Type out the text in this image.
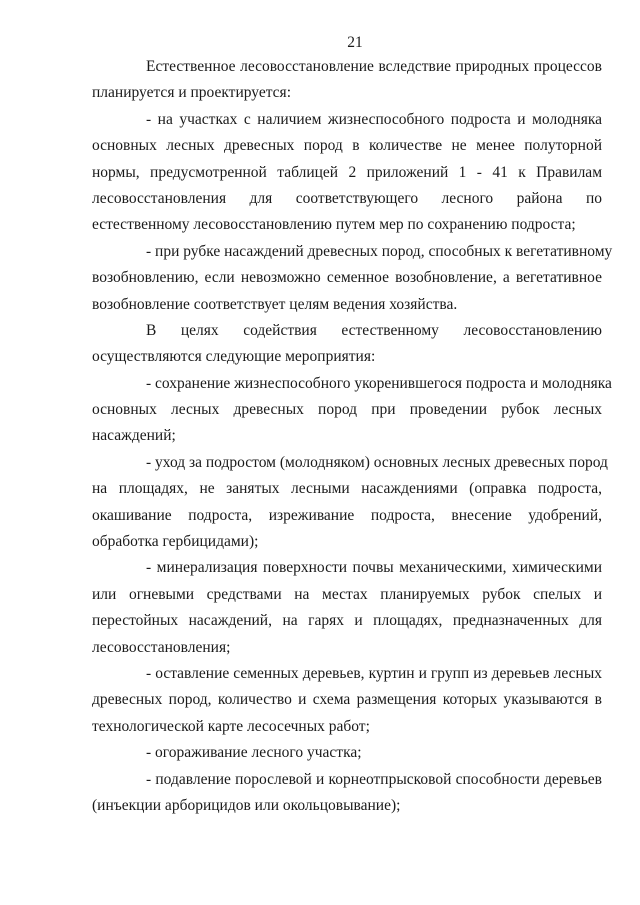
21
Естественное лесовосстановление вследствие природных процессов
планируется и проектируется:
- на участках с наличием жизнеспособного подроста и молодняка
основных лесных древесных пород в количестве не менее полуторной
нормы, предусмотренной таблицей 2 приложений 1 - 41 к Правилам
лесовосстановления для соответствующего лесного района по
естественному лесовосстановлению путем мер по сохранению подроста;
- при рубке насаждений древесных пород, способных к вегетативному
возобновлению, если невозможно семенное возобновление, а вегетативное
возобновление соответствует целям ведения хозяйства.
В целях содействия естественному лесовосстановлению
осуществляются следующие мероприятия:
- сохранение жизнеспособного укоренившегося подроста и молодняка
основных лесных древесных пород при проведении рубок лесных
насаждений;
- уход за подростом (молодняком) основных лесных древесных пород
на площадях, не занятых лесными насаждениями (оправка подроста,
окашивание подроста, изреживание подроста, внесение удобрений,
обработка гербицидами);
- минерализация поверхности почвы механическими, химическими
или огневыми средствами на местах планируемых рубок спелых и
перестойных насаждений, на гарях и площадях, предназначенных для
лесовосстановления;
- оставление семенных деревьев, куртин и групп из деревьев лесных
древесных пород, количество и схема размещения которых указываются в
технологической карте лесосечных работ;
- огораживание лесного участка;
- подавление порослевой и корнеотпрысковой способности деревьев
(инъекции арборицидов или окольцовывание);
